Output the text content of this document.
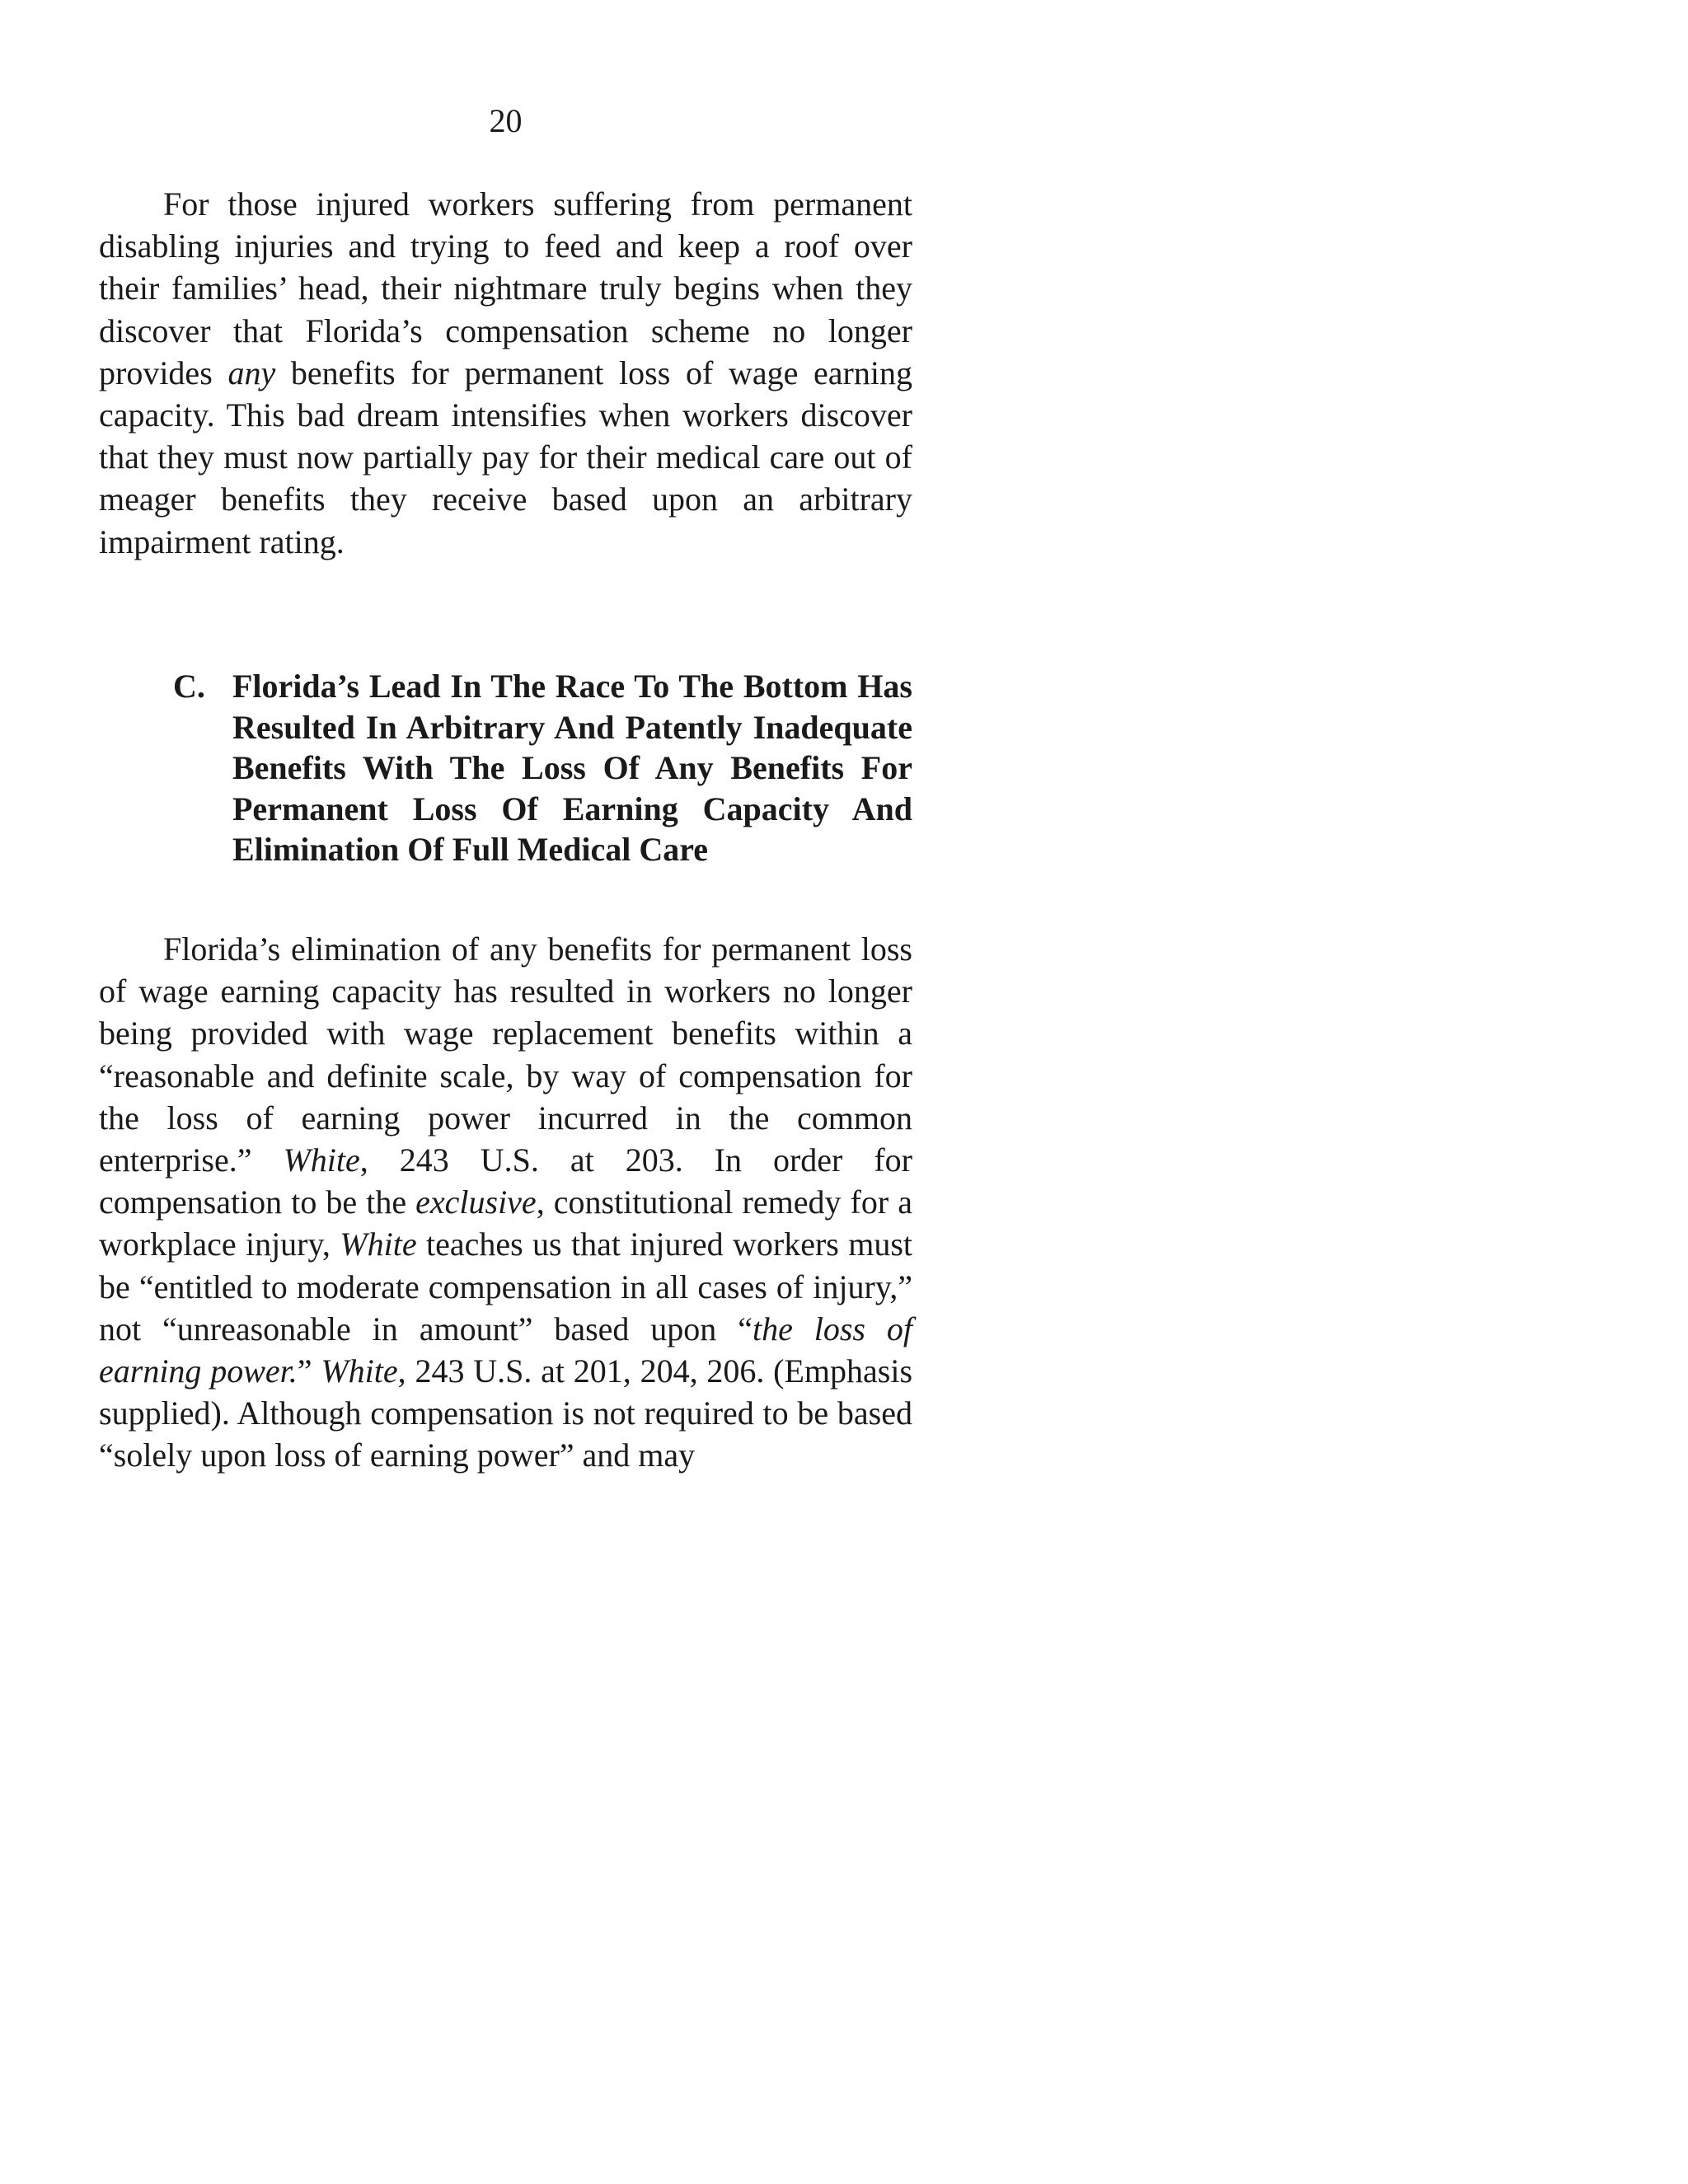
20

For those injured workers suffering from permanent disabling injuries and trying to feed and keep a roof over their families’ head, their nightmare truly begins when they discover that Florida’s compensation scheme no longer provides any benefits for permanent loss of wage earning capacity. This bad dream intensifies when workers discover that they must now partially pay for their medical care out of meager benefits they receive based upon an arbitrary impairment rating.

C. Florida’s Lead In The Race To The Bottom Has Resulted In Arbitrary And Patently Inadequate Benefits With The Loss Of Any Benefits For Permanent Loss Of Earning Capacity And Elimination Of Full Medical Care

Florida’s elimination of any benefits for permanent loss of wage earning capacity has resulted in workers no longer being provided with wage replacement benefits within a “reasonable and definite scale, by way of compensation for the loss of earning power incurred in the common enterprise.” White, 243 U.S. at 203. In order for compensation to be the exclusive, constitutional remedy for a workplace injury, White teaches us that injured workers must be “entitled to moderate compensation in all cases of injury,” not “unreasonable in amount” based upon “the loss of earning power.” White, 243 U.S. at 201, 204, 206. (Emphasis supplied). Although compensation is not required to be based “solely upon loss of earning power” and may
